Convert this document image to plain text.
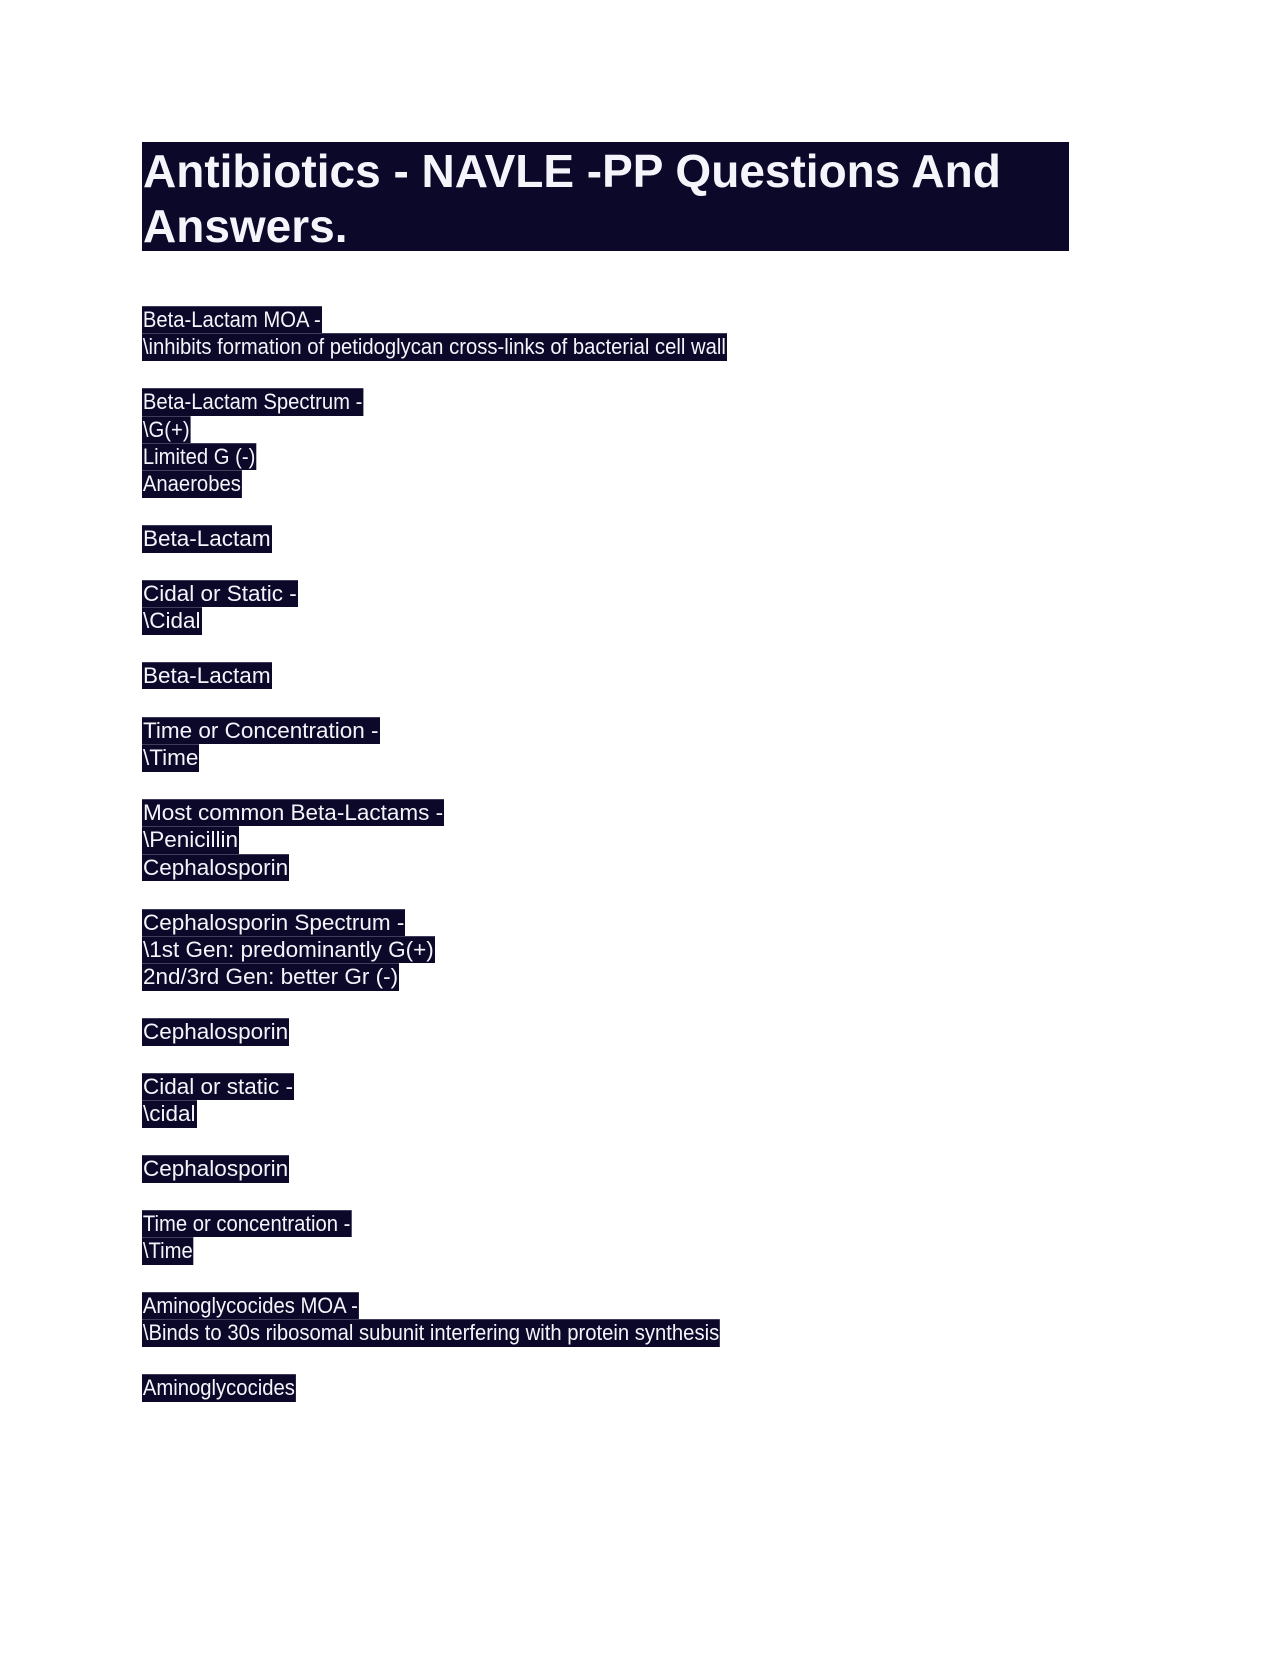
Antibiotics - NAVLE -PP Questions And
Answers.
Beta-Lactam MOA -
\inhibits formation of petidoglycan cross-links of bacterial cell wall
Beta-Lactam Spectrum -
\G(+)
Limited G (-)
Anaerobes
Beta-Lactam
Cidal or Static -
\Cidal
Beta-Lactam
Time or Concentration -
\Time
Most common Beta-Lactams -
\Penicillin
Cephalosporin
Cephalosporin Spectrum -
\1st Gen: predominantly G(+)
2nd/3rd Gen: better Gr (-)
Cephalosporin
Cidal or static -
\cidal
Cephalosporin
Time or concentration -
\Time
Aminoglycocides MOA -
\Binds to 30s ribosomal subunit interfering with protein synthesis
Aminoglycocides
